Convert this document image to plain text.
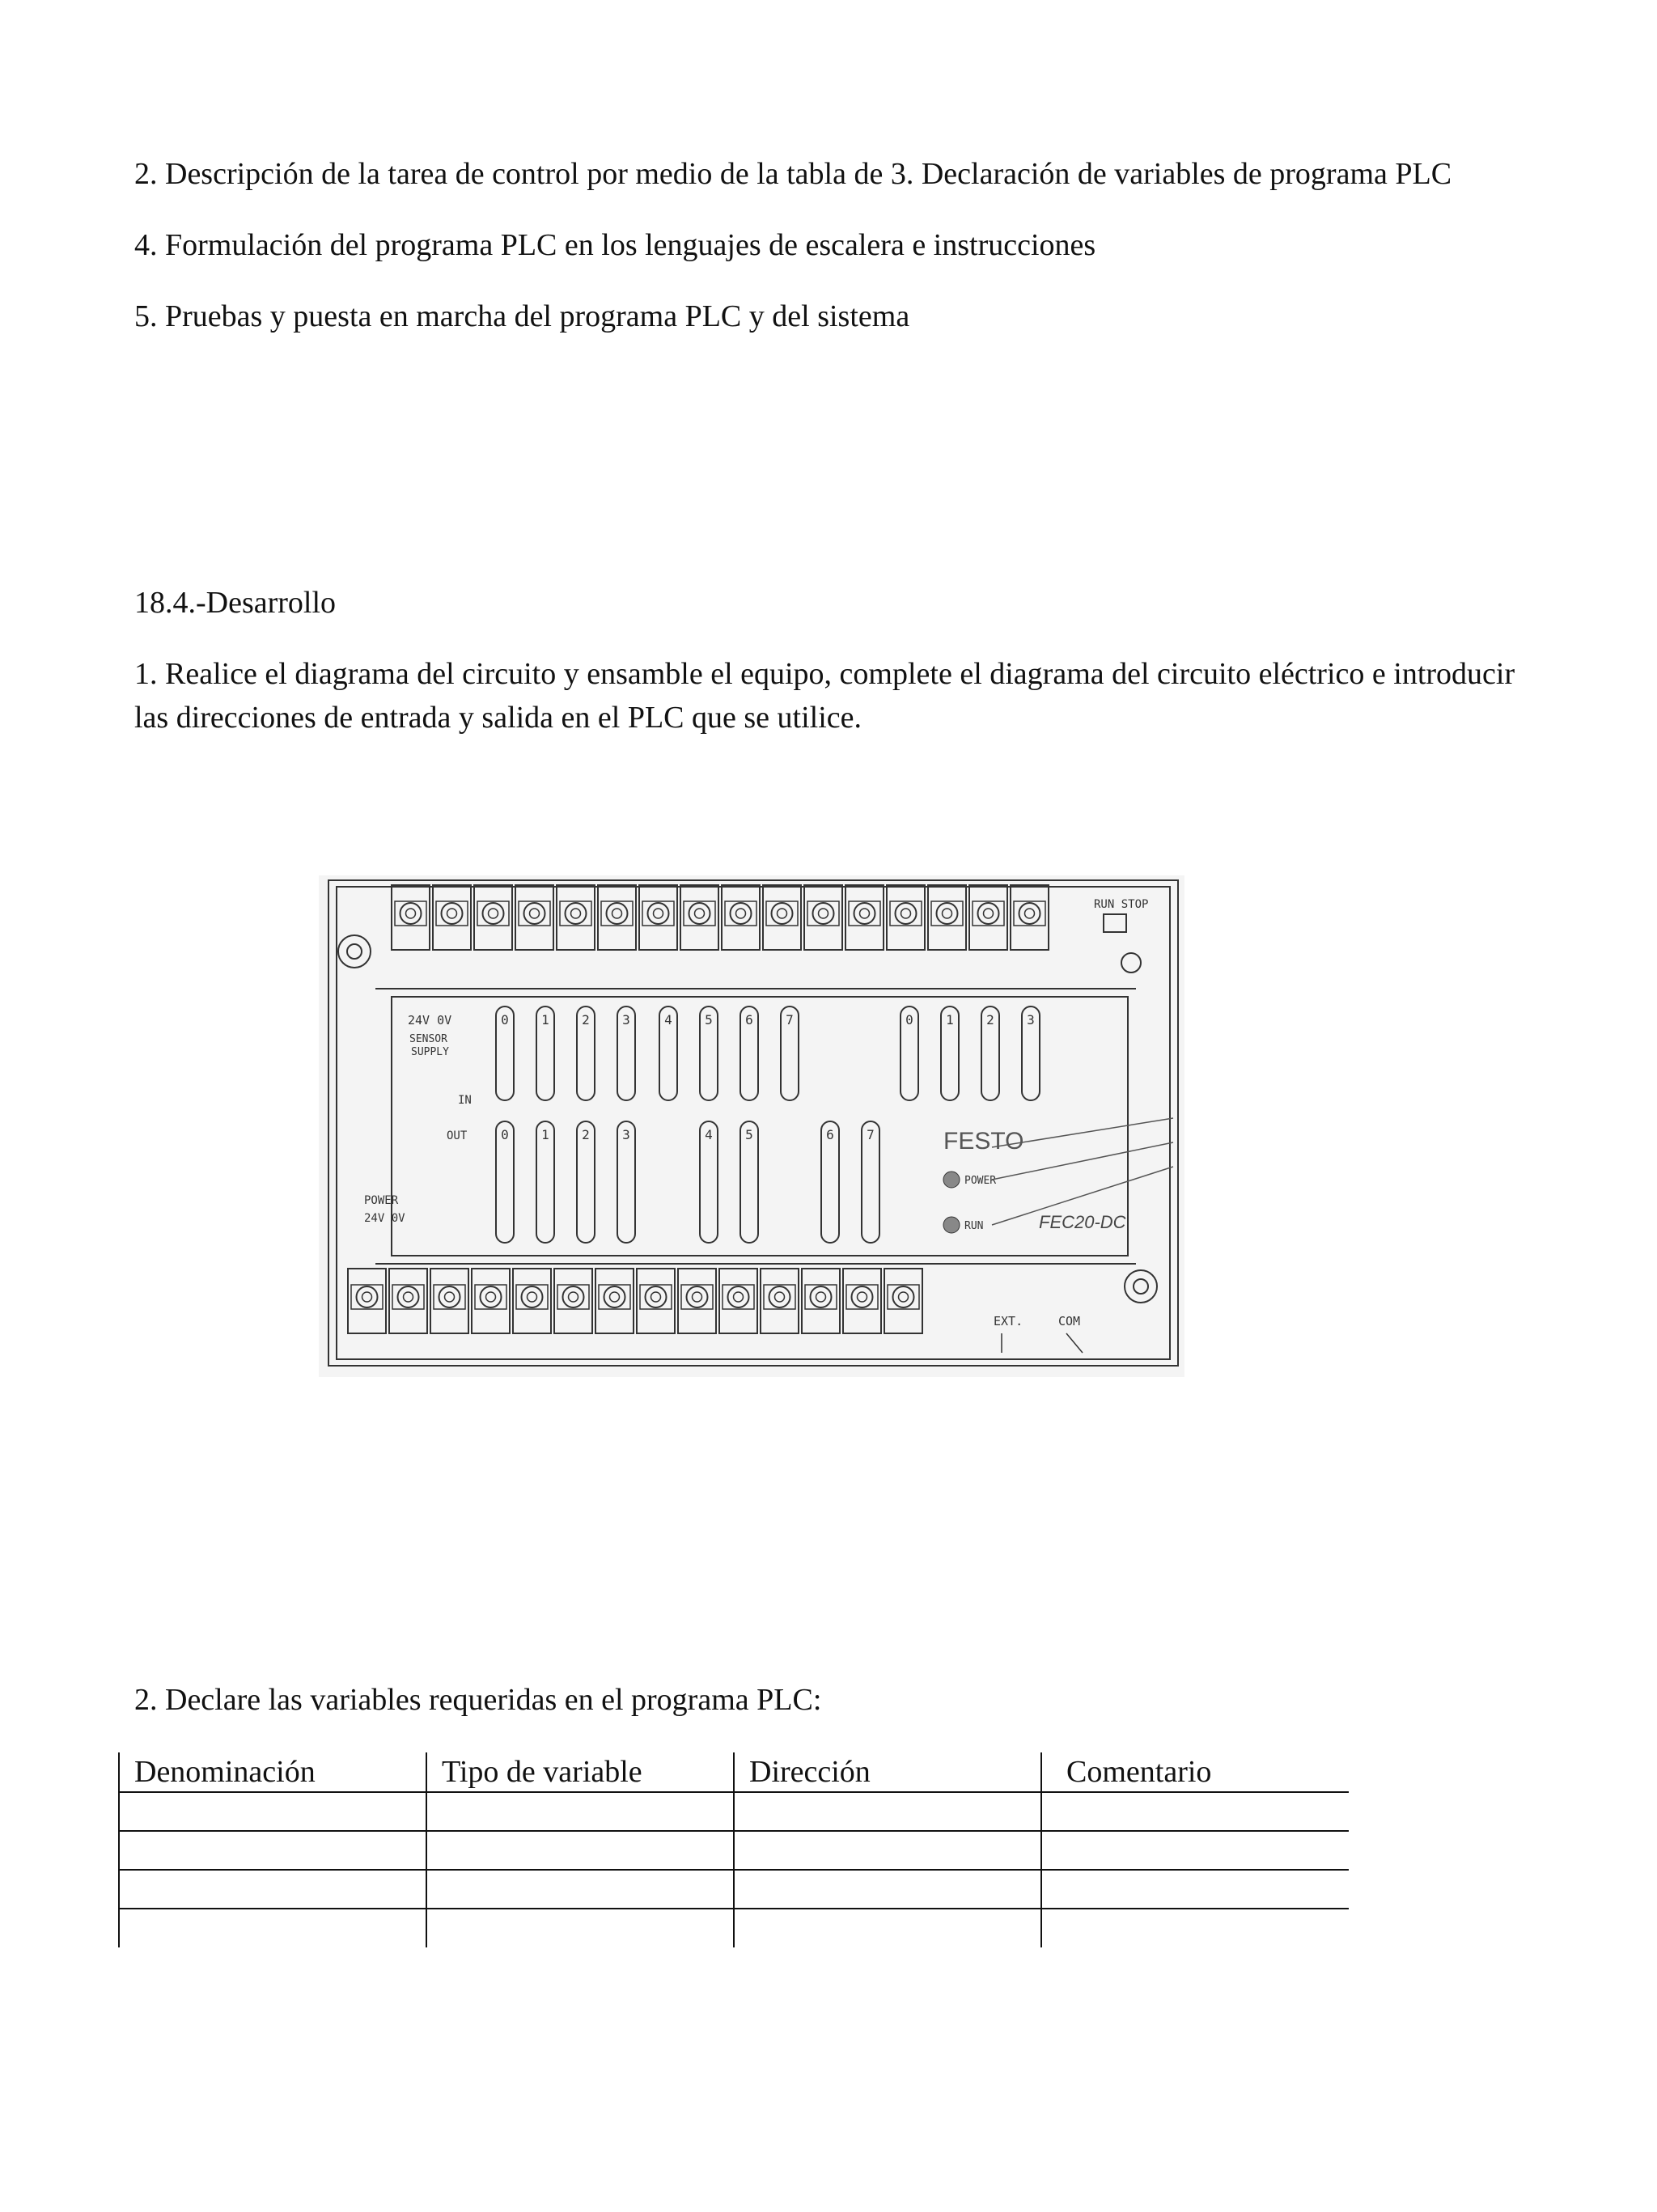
2. Descripción de la tarea de control por medio de la tabla de 3. Declaración de variables de programa PLC
4. Formulación del programa PLC en los lenguajes de escalera e instrucciones
5. Pruebas y puesta en marcha del programa PLC y del sistema
18.4.-Desarrollo
1. Realice el diagrama del circuito y ensamble el equipo, complete el diagrama del circuito eléctrico e introducir las direcciones de entrada y salida en el PLC que se utilice.
0	1	2	3	4	5	6	7	0	1	2	3
0	1	2	3	4	5	6	7
RUN STOP
24V 0V
SENSOR
SUPPLY
IN
OUT
POWER
24V 0V
FESTO
POWER
RUN	FEC20-DC
EXT.	COM
2. Declare las variables requeridas en el programa PLC:
Denominación	Tipo de variable	Dirección	Comentario
